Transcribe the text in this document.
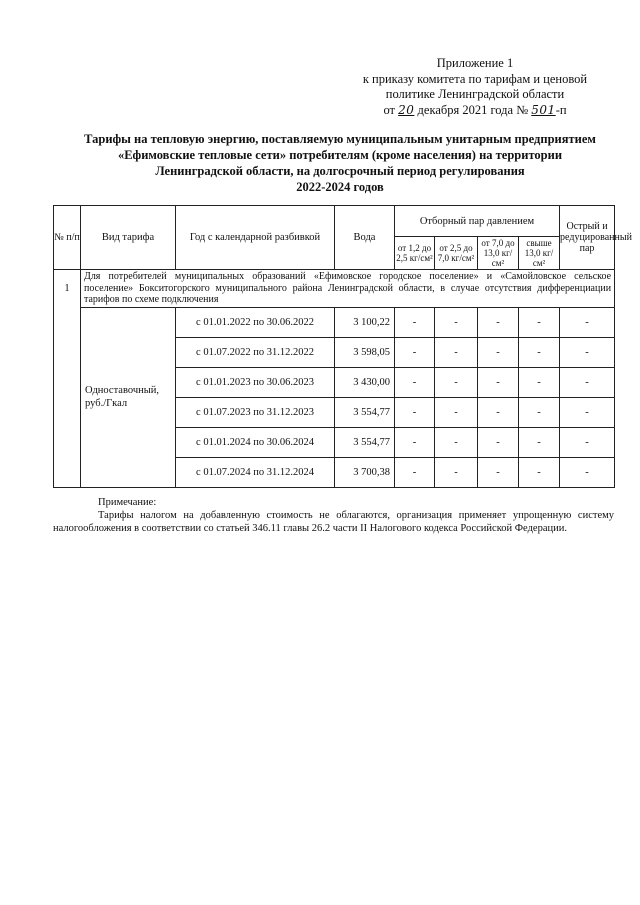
Приложение 1
к приказу комитета по тарифам и ценовой
политике Ленинградской области
от 20 декабря 2021 года № 501-п
Тарифы на тепловую энергию, поставляемую муниципальным унитарным предприятием
«Ефимовские тепловые сети» потребителям (кроме населения) на территории
Ленинградской области, на долгосрочный период регулирования
2022-2024 годов
№ п/п	Вид тарифа	Год с календарной разбивкой	Вода	Отборный пар давлением				Острый и редуцированный пар
				от 1,2 до 2,5 кг/см²	от 2,5 до 7,0 кг/см²	от 7,0 до 13,0 кг/см²	свыше 13,0 кг/см²	
1	Для потребителей муниципальных образований «Ефимовское городское поселение» и «Самойловское сельское поселение» Бокситогорского муниципального района Ленинградской области, в случае отсутствия дифференциации тарифов по схеме подключения							
	Одноставочный, руб./Гкал	с 01.01.2022 по 30.06.2022	3 100,22	-	-	-	-	-
		с 01.07.2022 по 31.12.2022	3 598,05	-	-	-	-	-
		с 01.01.2023 по 30.06.2023	3 430,00	-	-	-	-	-
		с 01.07.2023 по 31.12.2023	3 554,77	-	-	-	-	-
		с 01.01.2024 по 30.06.2024	3 554,77	-	-	-	-	-
		с 01.07.2024 по 31.12.2024	3 700,38	-	-	-	-	-
Примечание:

Тарифы налогом на добавленную стоимость не облагаются, организация применяет упрощенную систему налогообложения в соответствии со статьей 346.11 главы 26.2 части II Налогового кодекса Российской Федерации.
